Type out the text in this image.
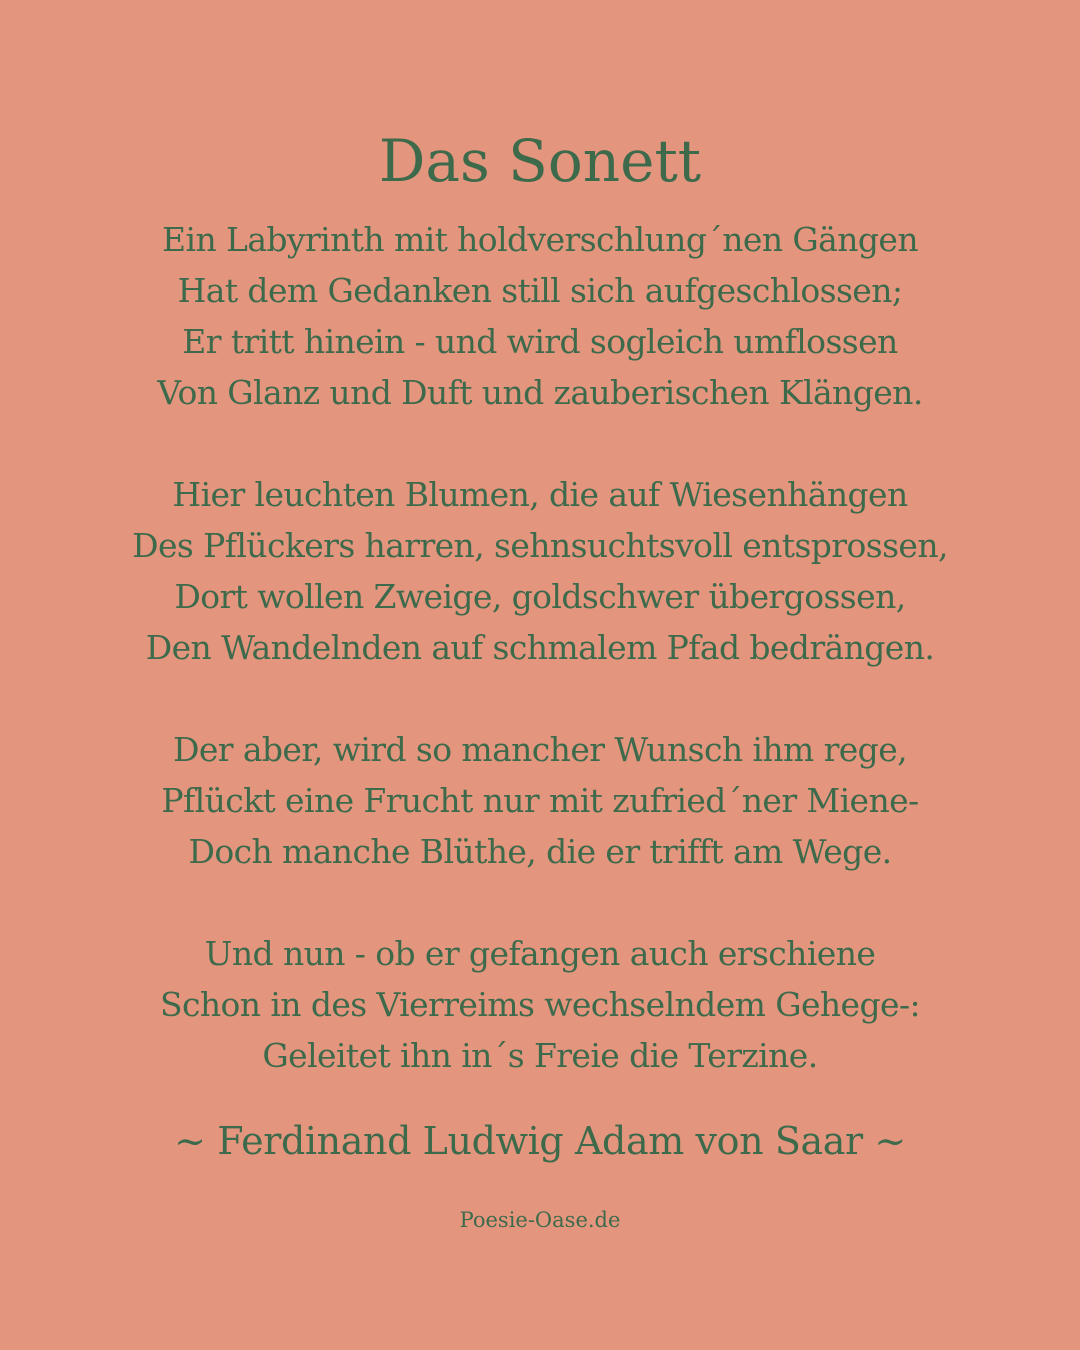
Das Sonett
Ein Labyrinth mit holdverschlung´nen Gängen
Hat dem Gedanken still sich aufgeschlossen;
Er tritt hinein - und wird sogleich umflossen
Von Glanz und Duft und zauberischen Klängen.
Hier leuchten Blumen, die auf Wiesenhängen
Des Pflückers harren, sehnsuchtsvoll entsprossen,
Dort wollen Zweige, goldschwer übergossen,
Den Wandelnden auf schmalem Pfad bedrängen.
Der aber, wird so mancher Wunsch ihm rege,
Pflückt eine Frucht nur mit zufried´ner Miene-
Doch manche Blüthe, die er trifft am Wege.
Und nun - ob er gefangen auch erschiene
Schon in des Vierreims wechselndem Gehege-:
Geleitet ihn in´s Freie die Terzine.
~ Ferdinand Ludwig Adam von Saar ~
Poesie-Oase.de
